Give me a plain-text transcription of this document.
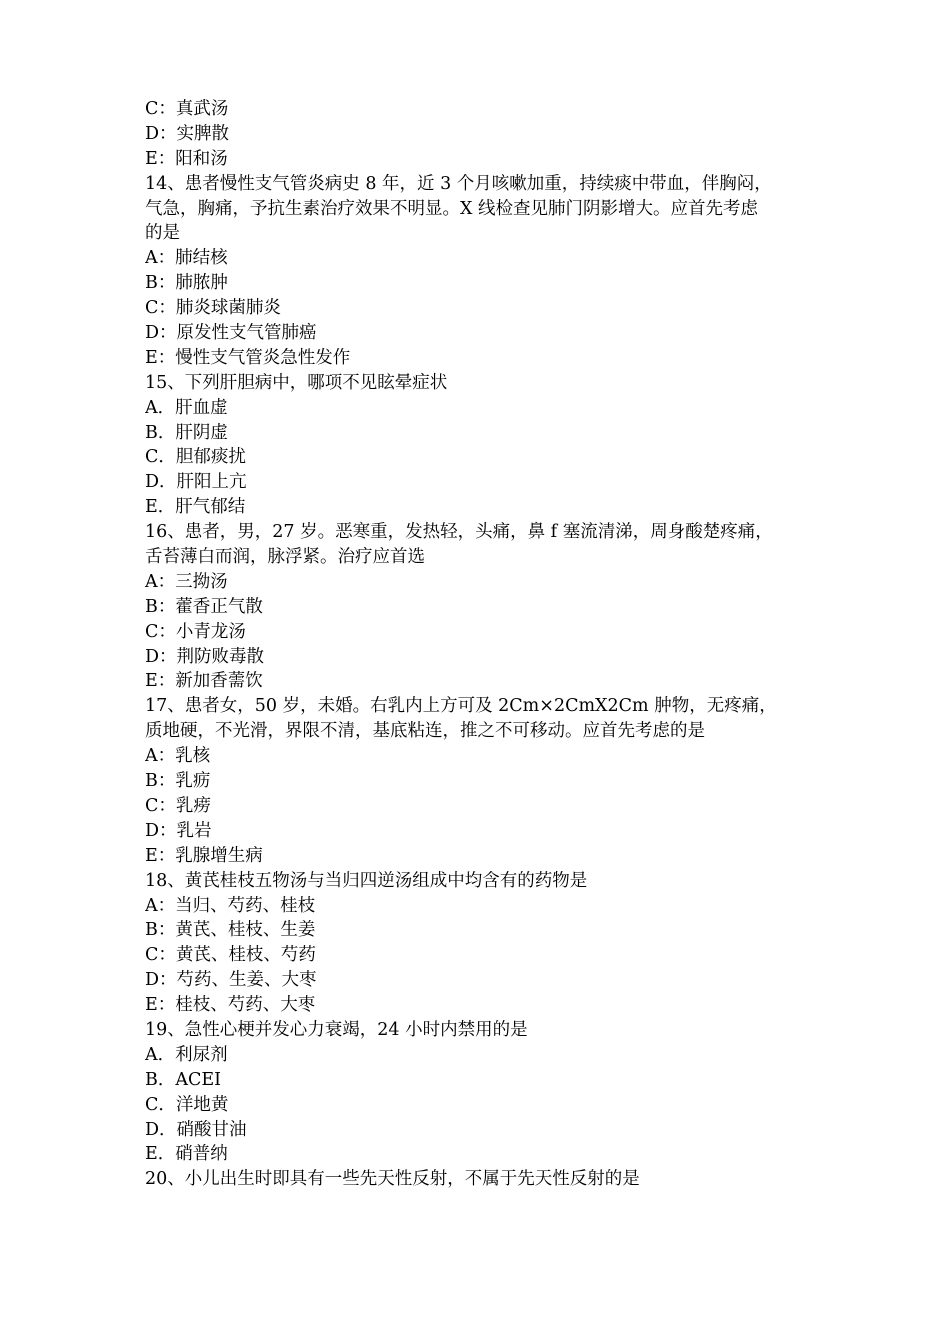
C：真武汤
D：实脾散
E：阳和汤
14、患者慢性支气管炎病史 8 年，近 3 个月咳嗽加重，持续痰中带血，伴胸闷，
气急，胸痛，予抗生素治疗效果不明显。X 线检查见肺门阴影增大。应首先考虑
的是
A：肺结核
B：肺脓肿
C：肺炎球菌肺炎
D：原发性支气管肺癌
E：慢性支气管炎急性发作
15、下列肝胆病中，哪项不见眩晕症状
A．肝血虚
B．肝阴虚
C．胆郁痰扰
D．肝阳上亢
E．肝气郁结
16、患者，男，27 岁。恶寒重，发热轻，头痛，鼻 f 塞流清涕，周身酸楚疼痛，
舌苔薄白而润，脉浮紧。治疗应首选
A：三拗汤
B：藿香正气散
C：小青龙汤
D：荆防败毒散
E：新加香薷饮
17、患者女，50 岁，未婚。右乳内上方可及 2Cm×2CmX2Cm 肿物，无疼痛，
质地硬，不光滑，界限不清，基底粘连，推之不可移动。应首先考虑的是
A：乳核
B：乳疬
C：乳痨
D：乳岩
E：乳腺增生病
18、黄芪桂枝五物汤与当归四逆汤组成中均含有的药物是
A：当归、芍药、桂枝
B：黄芪、桂枝、生姜
C：黄芪、桂枝、芍药
D：芍药、生姜、大枣
E：桂枝、芍药、大枣
19、急性心梗并发心力衰竭，24 小时内禁用的是
A．利尿剂
B．ACEI
C．洋地黄
D．硝酸甘油
E．硝普纳
20、小儿出生时即具有一些先天性反射，不属于先天性反射的是
